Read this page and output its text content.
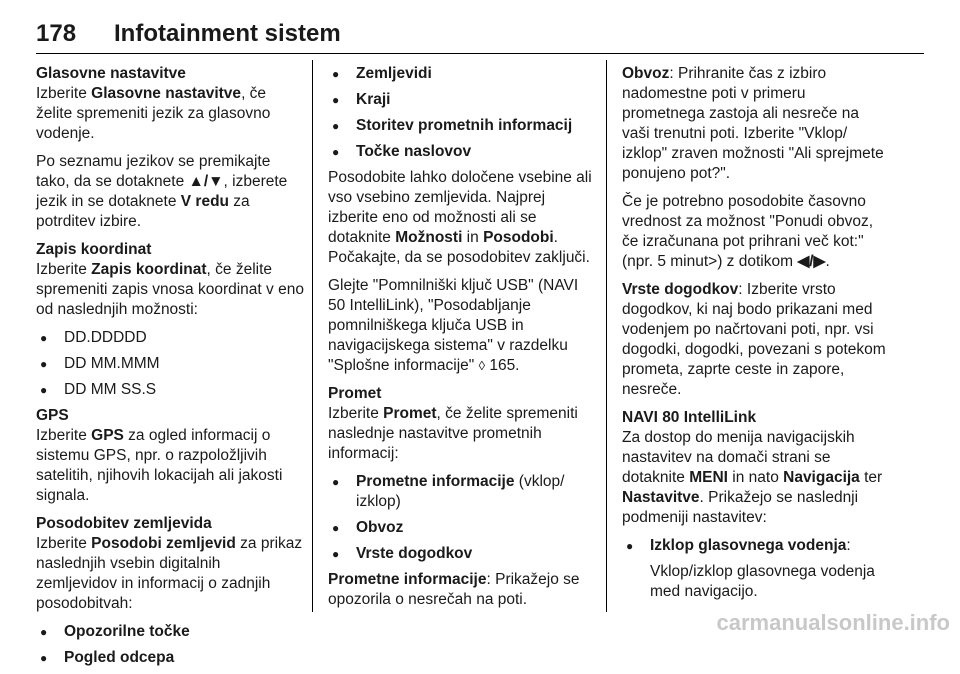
178 Infotainment sistem

Glasovne nastavitve

Izberite Glasovne nastavitve, če želite spremeniti jezik za glasovno vodenje.

Po seznamu jezikov se premikajte tako, da se dotaknete ▲/▼, izberete jezik in se dotaknete V redu za potrditev izbire.

Zapis koordinat

Izberite Zapis koordinat, če želite spremeniti zapis vnosa koordinat v eno od naslednjih možnosti:

● DD.DDDDD
● DD MM.MMM
● DD MM SS.S

GPS

Izberite GPS za ogled informacij o sistemu GPS, npr. o razpoložljivih satelitih, njihovih lokacijah ali jakosti signala.

Posodobitev zemljevida

Izberite Posodobi zemljevid za prikaz naslednjih vsebin digitalnih zemljevidov in informacij o zadnjih posodobitvah:

● Opozorilne točke
● Pogled odcepa
● Zemljevidi
● Kraji
● Storitev prometnih informacij
● Točke naslovov

Posodobite lahko določene vsebine ali vso vsebino zemljevida. Najprej izberite eno od možnosti ali se dotaknite Možnosti in Posodobi. Počakajte, da se posodobitev zaključi.

Glejte "Pomnilniški ključ USB" (NAVI 50 IntelliLink), "Posodabljanje pomnilniškega ključa USB in navigacijskega sistema" v razdelku "Splošne informacije" ◊ 165.

Promet

Izberite Promet, če želite spremeniti naslednje nastavitve prometnih informacij:

● Prometne informacije (vklop/ izklop)
● Obvoz
● Vrste dogodkov

Prometne informacije: Prikažejo se opozorila o nesrečah na poti.

Obvoz: Prihranite čas z izbiro nadomestne poti v primeru prometnega zastoja ali nesreče na vaši trenutni poti. Izberite "Vklop/ izklop" zraven možnosti "Ali sprejmete ponujeno pot?".

Če je potrebno posodobite časovno vrednost za možnost "Ponudi obvoz, če izračunana pot prihrani več kot:" (npr. 5 minut>) z dotikom ◀/▶.

Vrste dogodkov: Izberite vrsto dogodkov, ki naj bodo prikazani med vodenjem po načrtovani poti, npr. vsi dogodki, dogodki, povezani s potekom prometa, zaprte ceste in zapore, nesreče.

NAVI 80 IntelliLink

Za dostop do menija navigacijskih nastavitev na domači strani se dotaknite MENI in nato Navigacija ter Nastavitve. Prikažejo se naslednji podmeniji nastavitev:

● Izklop glasovnega vodenja:

Vklop/izklop glasovnega vodenja med navigacijo.

carmanualsonline.info
